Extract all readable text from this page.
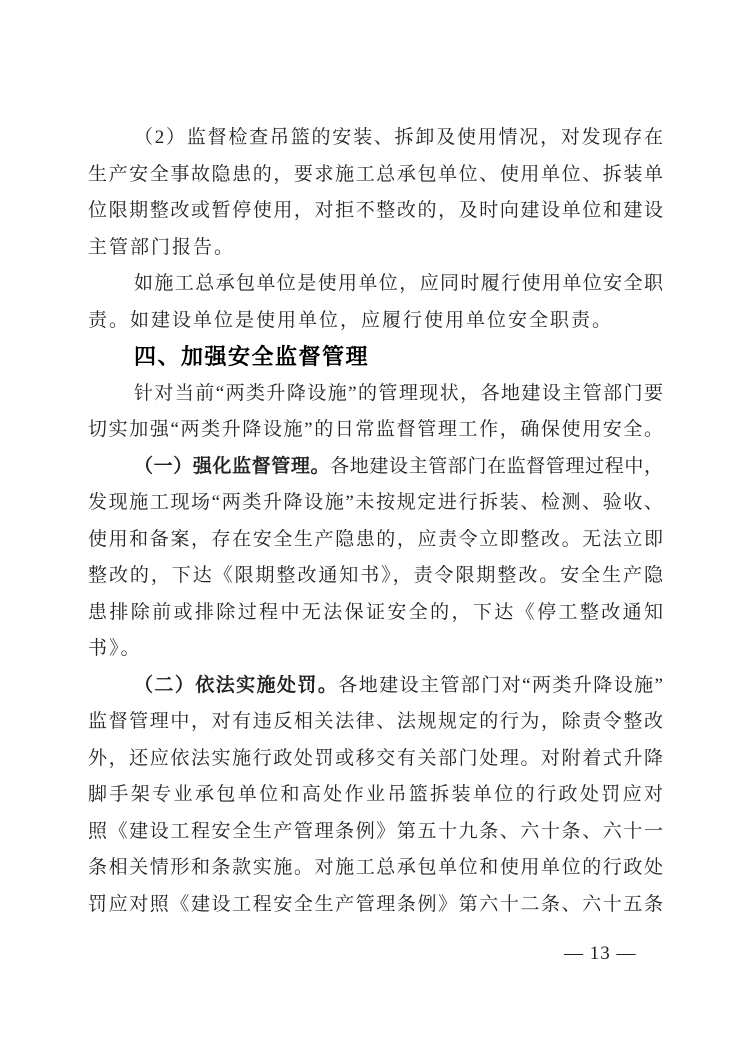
（2）监督检查吊篮的安装、拆卸及使用情况，对发现存在
生产安全事故隐患的，要求施工总承包单位、使用单位、拆装单
位限期整改或暂停使用，对拒不整改的，及时向建设单位和建设
主管部门报告。
如施工总承包单位是使用单位，应同时履行使用单位安全职
责。如建设单位是使用单位，应履行使用单位安全职责。
四、加强安全监督管理
针对当前“两类升降设施”的管理现状，各地建设主管部门要
切实加强“两类升降设施”的日常监督管理工作，确保使用安全。
（一）强化监督管理。各地建设主管部门在监督管理过程中，
发现施工现场“两类升降设施”未按规定进行拆装、检测、验收、
使用和备案，存在安全生产隐患的，应责令立即整改。无法立即
整改的，下达《限期整改通知书》，责令限期整改。安全生产隐
患排除前或排除过程中无法保证安全的，下达《停工整改通知
书》。
（二）依法实施处罚。各地建设主管部门对“两类升降设施”
监督管理中，对有违反相关法律、法规规定的行为，除责令整改
外，还应依法实施行政处罚或移交有关部门处理。对附着式升降
脚手架专业承包单位和高处作业吊篮拆装单位的行政处罚应对
照《建设工程安全生产管理条例》第五十九条、六十条、六十一
条相关情形和条款实施。对施工总承包单位和使用单位的行政处
罚应对照《建设工程安全生产管理条例》第六十二条、六十五条
— 13 —
